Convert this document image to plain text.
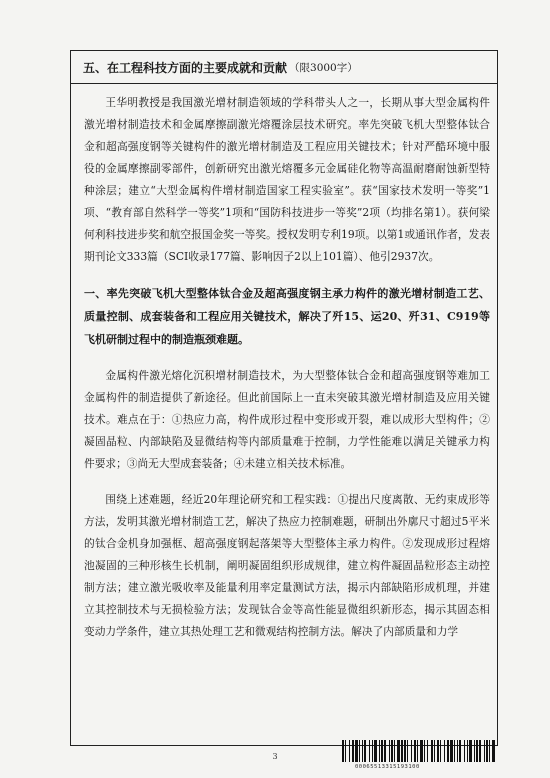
五、在工程科技方面的主要成就和贡献 （限3000字）

王华明教授是我国激光增材制造领域的学科带头人之一，长期从事大型金属构件激光增材制造技术和金属摩擦副激光熔覆涂层技术研究。率先突破飞机大型整体钛合金和超高强度钢等关键构件的激光增材制造及工程应用关键技术；针对严酷环境中服役的金属摩擦副零部件，创新研究出激光熔覆多元金属硅化物等高温耐磨耐蚀新型特种涂层；建立“大型金属构件增材制造国家工程实验室”。获“国家技术发明一等奖”1项、“教育部自然科学一等奖”1项和“国防科技进步一等奖”2项（均排名第1）。获何梁何利科技进步奖和航空报国金奖一等奖。授权发明专利19项。以第1或通讯作者，发表期刊论文333篇（SCI收录177篇、影响因子2以上101篇）、他引2937次。

一、率先突破飞机大型整体钛合金及超高强度钢主承力构件的激光增材制造工艺、质量控制、成套装备和工程应用关键技术，解决了歼15、运20、歼31、C919等飞机研制过程中的制造瓶颈难题。

金属构件激光熔化沉积增材制造技术，为大型整体钛合金和超高强度钢等难加工金属构件的制造提供了新途径。但此前国际上一直未突破其激光增材制造及应用关键技术。难点在于：①热应力高，构件成形过程中变形或开裂，难以成形大型构件；②凝固晶粒、内部缺陷及显微结构等内部质量难于控制，力学性能难以满足关键承力构件要求；③尚无大型成套装备；④未建立相关技术标准。

围绕上述难题，经近20年理论研究和工程实践：①提出尺度离散、无约束成形等方法，发明其激光增材制造工艺，解决了热应力控制难题，研制出外廓尺寸超过5平米的钛合金机身加强框、超高强度钢起落架等大型整体主承力构件。②发现成形过程熔池凝固的三种形核生长机制，阐明凝固组织形成规律，建立构件凝固晶粒形态主动控制方法；建立激光吸收率及能量利用率定量测试方法，揭示内部缺陷形成机理，并建立其控制技术与无损检验方法；发现钛合金等高性能显微组织新形态，揭示其固态相变动力学条件，建立其热处理工艺和微观结构控制方法。解决了内部质量和力学

3
00065513315193100
